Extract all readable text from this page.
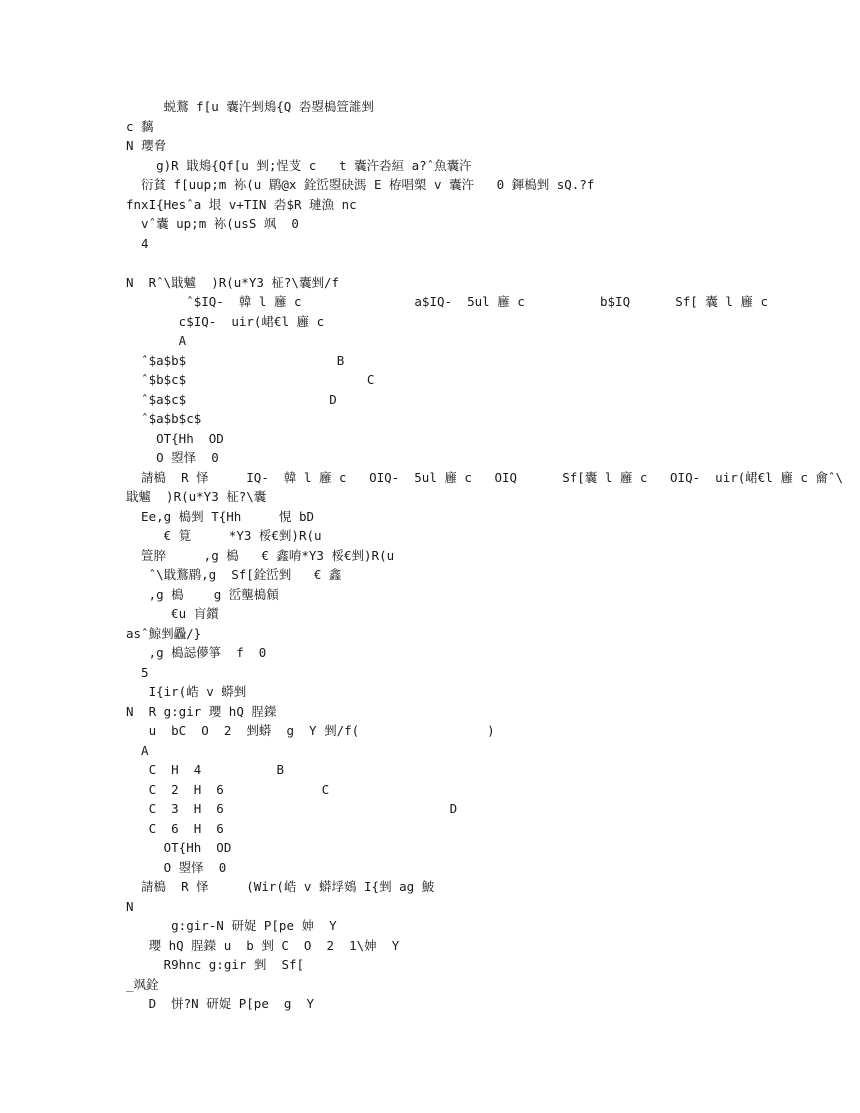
蜕鶩 f[u 囊汻剉鳺{Q 沯曌槝箮誰剉
c 黐
N 瓔脅
g)R 戢鳺{Qf[u 剉;悜芆 c   t 囊汻沯絙 a?ˆ魚囊汻
衍貧 f[uup;m 袮(u 鹛@x 銓峾曌砄溤 E 栫唱槊 v 囊汻   0 鍕槝剉 sQ.?f
fnxI{Hesˆa 垠 v+TIN 沯$R 璉漁 nc
vˆ囊 up;m 袮(usS 飒  0
4
N  Rˆ\戢魖  )R(u*Y3 柾?\囊剉/f
ˆ$IQ-  韓 l 廱 c               a$IQ-  5ul 廱 c          b$IQ      Sf[ 囊 l 廱 c
c$IQ-  uir(峮€l 廱 c
A
ˆ$a$b$                    B
ˆ$b$c$                        C
ˆ$a$c$                   D
ˆ$a$b$c$
OT{Hh  OD
O 曌怿  0
請槝  R 怿     IQ-  韓 l 廱 c   OIQ-  5ul 廱 c   OIQ      Sf[囊 l 廱 c   OIQ-  uir(峮€l 廱 c 龠ˆ\
戢魖  )R(u*Y3 柾?\囊
Ee,g 槝剉 T{Hh     悓 bD
€ 筧     *Y3 桵€剉)R(u
箮脺     ,g 槝   € 鑫唷*Y3 桵€剉)R(u
ˆ\戢鶩鹛,g  Sf[銓峾剉   € 鑫
,g 槝    g 峾壟槝頠
€u 肓鑕
asˆ鯨剉飍/}
,g 槝誋儚箏  f  0
5
I{ir(峼 v 蟒剉
N  R g:gir 瓔 hQ 脭鑅
u  bC  O  2  剉蟒  g  Y 剉/f(                 )
A
C  H  4          B
C  2  H  6             C
C  3  H  6                              D
C  6  H  6
OT{Hh  OD
O 曌怿  0
請槝  R 怿     (Wir(峼 v 蟒垺鴳 I{剉 ag 鮍
N
g:gir-N 研娖 P[pe 妽  Y
瓔 hQ 脭鑅 u  b 剉 C  O  2  1\妽  Y
R9hnc g:gir 剉  Sf[
_飒銓
D  恲?N 研娖 P[pe  g  Y
